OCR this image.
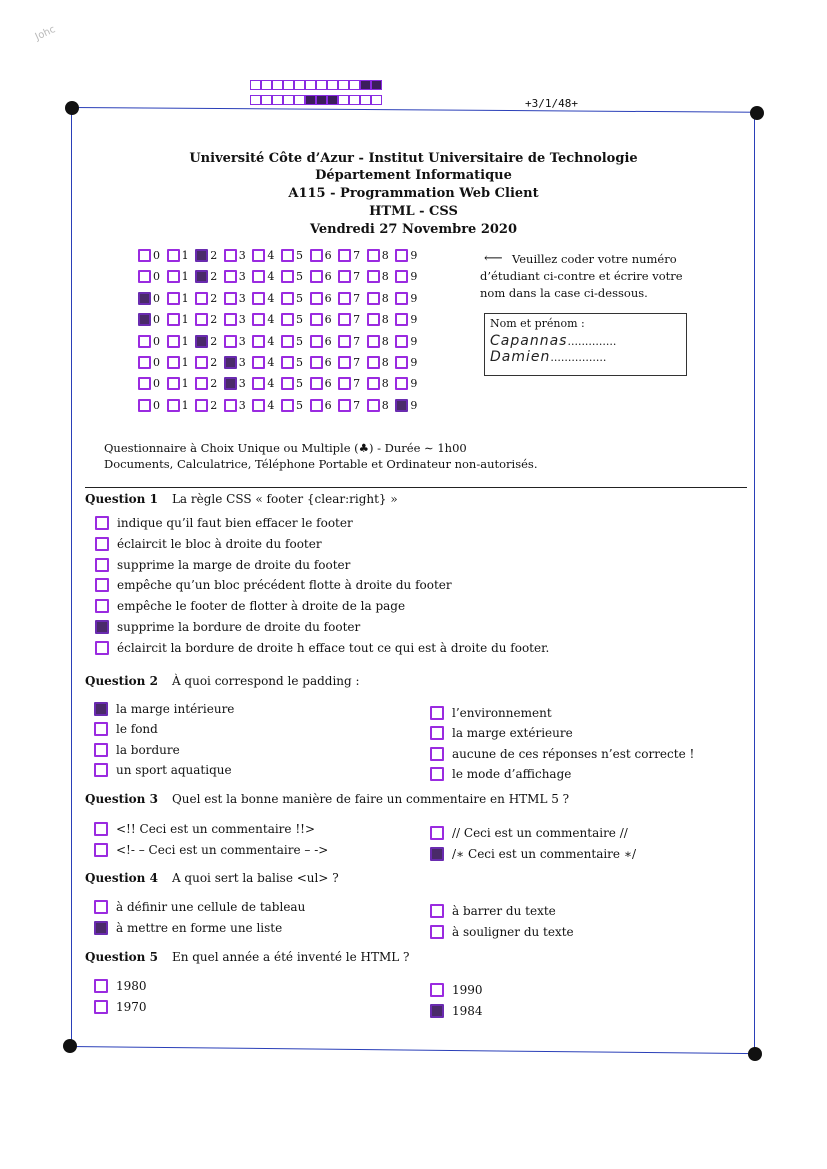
Johc
+3/1/48+
Université Côte d’Azur - Institut Universitaire de Technologie
Département Informatique
A115 - Programmation Web Client
HTML - CSS
Vendredi 27 Novembre 2020
0 1 2 3 4 5 6 7 8 9
0 1 2 3 4 5 6 7 8 9
0 1 2 3 4 5 6 7 8 9
0 1 2 3 4 5 6 7 8 9
0 1 2 3 4 5 6 7 8 9
0 1 2 3 4 5 6 7 8 9
0 1 2 3 4 5 6 7 8 9
0 1 2 3 4 5 6 7 8 9
⟵ Veuillez coder votre numéro d’étudiant ci-contre et écrire votre nom dans la case ci-dessous.
Nom et prénom :
Capannas..............
Damien................
Questionnaire à Choix Unique ou Multiple (♣) - Durée ∼ 1h00
Documents, Calculatrice, Téléphone Portable et Ordinateur non-autorisés.
Question 1 La règle CSS « footer {clear:right} »
indique qu’il faut bien effacer le footer
éclaircit le bloc à droite du footer
supprime la marge de droite du footer
empêche qu’un bloc précédent flotte à droite du footer
empêche le footer de flotter à droite de la page
supprime la bordure de droite du footer
éclaircit la bordure de droite h efface tout ce qui est à droite du footer.
Question 2 À quoi correspond le padding :
la marge intérieure
le fond
la bordure
un sport aquatique
l’environnement
la marge extérieure
aucune de ces réponses n’est correcte !
le mode d’affichage
Question 3 Quel est la bonne manière de faire un commentaire en HTML 5 ?
<!! Ceci est un commentaire !!>
<!- – Ceci est un commentaire – ->
// Ceci est un commentaire //
/∗ Ceci est un commentaire ∗/
Question 4 A quoi sert la balise <ul> ?
à définir une cellule de tableau
à mettre en forme une liste
à barrer du texte
à souligner du texte
Question 5 En quel année a été inventé le HTML ?
1980
1970
1990
1984
